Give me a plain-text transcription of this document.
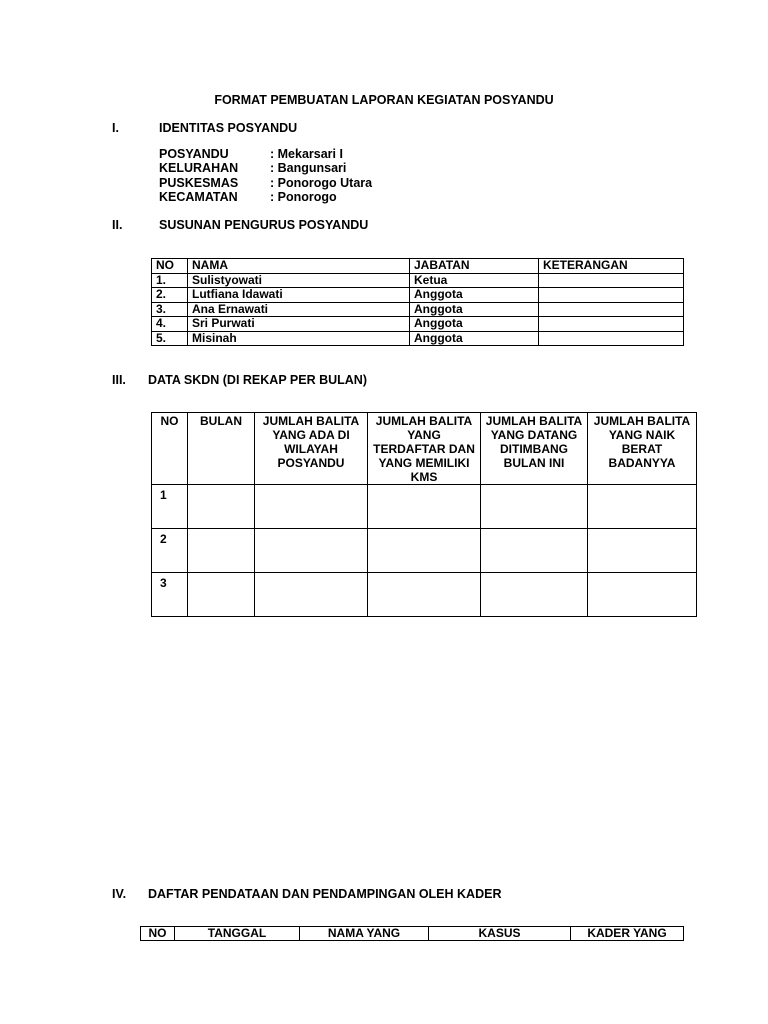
FORMAT PEMBUATAN LAPORAN KEGIATAN POSYANDU
I.	IDENTITAS POSYANDU
POSYANDU	: Mekarsari I
KELURAHAN	: Bangunsari
PUSKESMAS	: Ponorogo Utara
KECAMATAN	: Ponorogo
II.	SUSUNAN PENGURUS POSYANDU
NO	NAMA	JABATAN	KETERANGAN
1.	Sulistyowati	Ketua	
2.	Lutfiana Idawati	Anggota	
3.	Ana Ernawati	Anggota	
4.	Sri Purwati	Anggota	
5.	Misinah	Anggota	
III. DATA SKDN (DI REKAP PER BULAN)
NO	BULAN	JUMLAH BALITA YANG ADA DI WILAYAH POSYANDU	JUMLAH BALITA YANG TERDAFTAR DAN YANG MEMILIKI KMS	JUMLAH BALITA YANG DATANG DITIMBANG BULAN INI	JUMLAH BALITA YANG NAIK BERAT BADANYYA
1					
2					
3					
IV. DAFTAR PENDATAAN DAN PENDAMPINGAN OLEH KADER
NO	TANGGAL	NAMA YANG	KASUS	KADER YANG
